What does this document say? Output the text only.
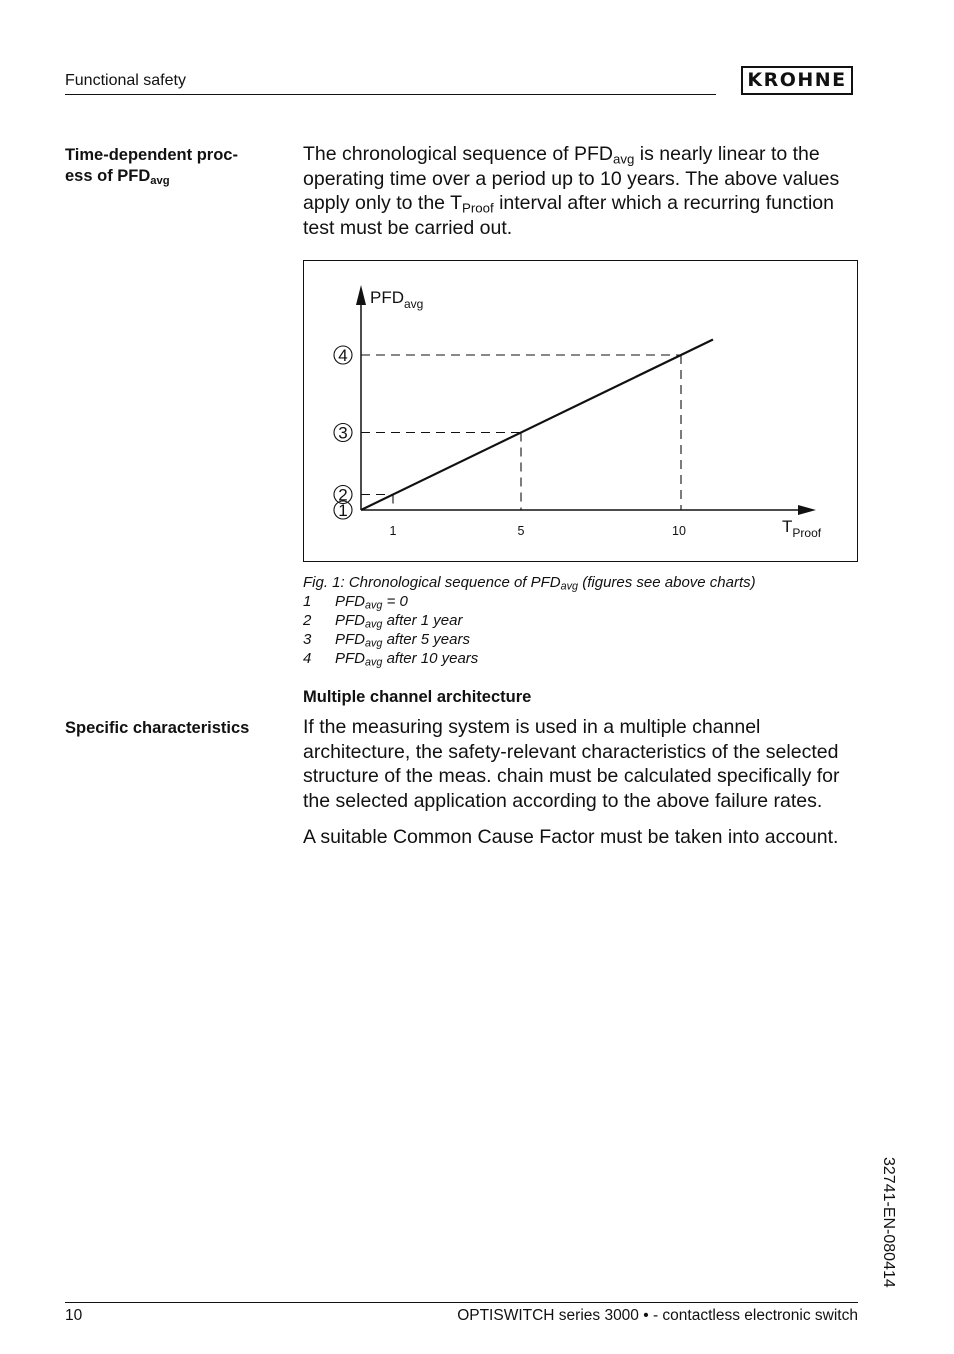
Functional safety	KROHNE
Time-dependent proc-
ess of $PFD_{avg}$
The chronological sequence of $PFD_{avg}$ is nearly linear to the operating time over a period up to 10 years. The above values apply only to the $T_{Proof}$ interval after which a recurring function test must be carried out.
$PFD_{avg}$
$T_{Proof}$
1
2
3
4
1	5	10
Fig. 1: Chronological sequence of $PFD_{avg}$ (figures see above charts)
1	$PFD_{avg} = 0$
2	$PFD_{avg}$ after 1 year
3	$PFD_{avg}$ after 5 years
4	$PFD_{avg}$ after 10 years
Multiple channel architecture
Specific characteristics	If the measuring system is used in a multiple channel architecture, the safety-relevant characteristics of the selected structure of the meas. chain must be calculated specifically for the selected application according to the above failure rates.
A suitable Common Cause Factor must be taken into account.
32741-EN-080414
10	OPTISWITCH series 3000 • - contactless electronic switch
